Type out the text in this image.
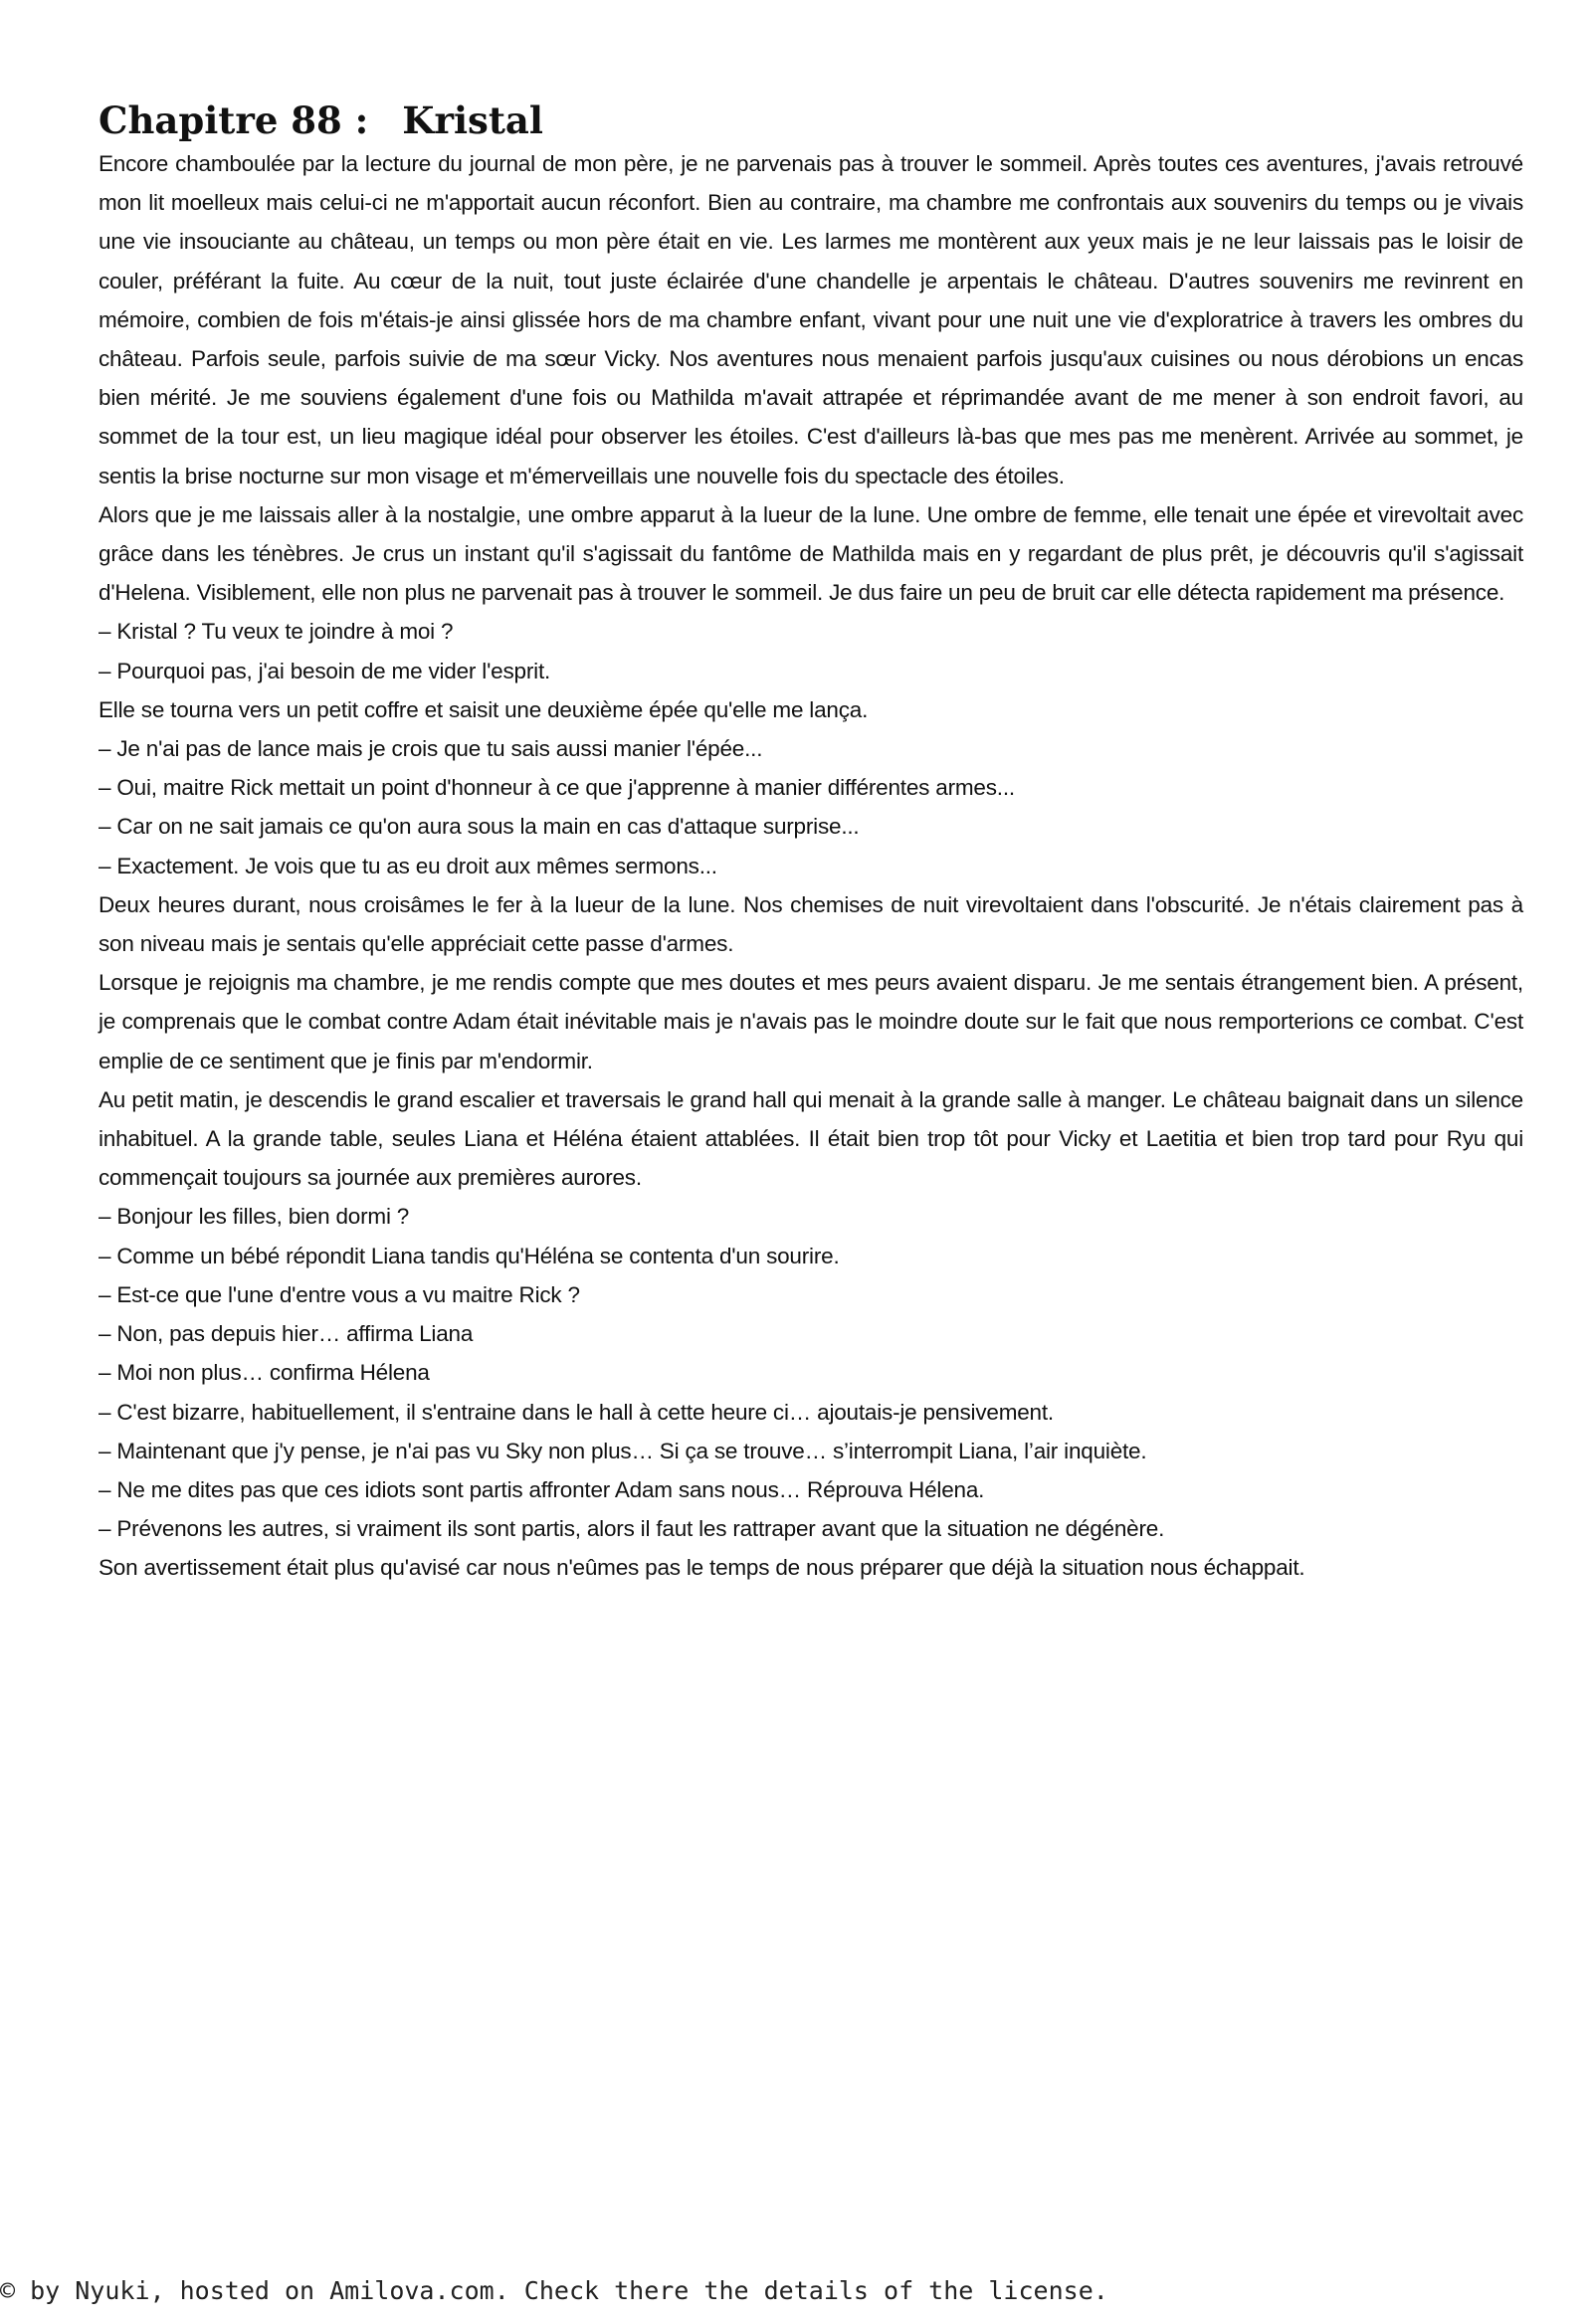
Chapitre 88 : Kristal

Encore chamboulée par la lecture du journal de mon père, je ne parvenais pas à trouver le sommeil. Après toutes ces aventures, j'avais retrouvé mon lit moelleux mais celui-ci ne m'apportait aucun réconfort. Bien au contraire, ma chambre me confrontais aux souvenirs du temps ou je vivais une vie insouciante au château, un temps ou mon père était en vie. Les larmes me montèrent aux yeux mais je ne leur laissais pas le loisir de couler, préférant la fuite. Au cœur de la nuit, tout juste éclairée d'une chandelle je arpentais le château. D'autres souvenirs me revinrent en mémoire, combien de fois m'étais-je ainsi glissée hors de ma chambre enfant, vivant pour une nuit une vie d'exploratrice à travers les ombres du château. Parfois seule, parfois suivie de ma sœur Vicky. Nos aventures nous menaient parfois jusqu'aux cuisines ou nous dérobions un encas bien mérité. Je me souviens également d'une fois ou Mathilda m'avait attrapée et réprimandée avant de me mener à son endroit favori, au sommet de la tour est, un lieu magique idéal pour observer les étoiles. C'est d'ailleurs là-bas que mes pas me menèrent. Arrivée au sommet, je sentis la brise nocturne sur mon visage et m'émerveillais une nouvelle fois du spectacle des étoiles.

Alors que je me laissais aller à la nostalgie, une ombre apparut à la lueur de la lune. Une ombre de femme, elle tenait une épée et virevoltait avec grâce dans les ténèbres. Je crus un instant qu'il s'agissait du fantôme de Mathilda mais en y regardant de plus prêt, je découvris qu'il s'agissait d'Helena. Visiblement, elle non plus ne parvenait pas à trouver le sommeil. Je dus faire un peu de bruit car elle détecta rapidement ma présence.

– Kristal ? Tu veux te joindre à moi ?

– Pourquoi pas, j'ai besoin de me vider l'esprit.

Elle se tourna vers un petit coffre et saisit une deuxième épée qu'elle me lança.

– Je n'ai pas de lance mais je crois que tu sais aussi manier l'épée...

– Oui, maitre Rick mettait un point d'honneur à ce que j'apprenne à manier différentes armes...

– Car on ne sait jamais ce qu'on aura sous la main en cas d'attaque surprise...

– Exactement. Je vois que tu as eu droit aux mêmes sermons...

Deux heures durant, nous croisâmes le fer à la lueur de la lune. Nos chemises de nuit virevoltaient dans l'obscurité. Je n'étais clairement pas à son niveau mais je sentais qu'elle appréciait cette passe d'armes.

Lorsque je rejoignis ma chambre, je me rendis compte que mes doutes et mes peurs avaient disparu. Je me sentais étrangement bien. A présent, je comprenais que le combat contre Adam était inévitable mais je n'avais pas le moindre doute sur le fait que nous remporterions ce combat. C'est emplie de ce sentiment que je finis par m'endormir.

Au petit matin, je descendis le grand escalier et traversais le grand hall qui menait à la grande salle à manger. Le château baignait dans un silence inhabituel. A la grande table, seules Liana et Héléna étaient attablées. Il était bien trop tôt pour Vicky et Laetitia et bien trop tard pour Ryu qui commençait toujours sa journée aux premières aurores.

– Bonjour les filles, bien dormi ?

– Comme un bébé répondit Liana tandis qu'Héléna se contenta d'un sourire.

– Est-ce que l'une d'entre vous a vu maitre Rick ?

– Non, pas depuis hier… affirma Liana

– Moi non plus… confirma Hélena

– C'est bizarre, habituellement, il s'entraine dans le hall à cette heure ci… ajoutais-je pensivement.

– Maintenant que j'y pense, je n'ai pas vu Sky non plus… Si ça se trouve… s’interrompit Liana, l’air inquiète.

– Ne me dites pas que ces idiots sont partis affronter Adam sans nous… Réprouva Hélena.

– Prévenons les autres, si vraiment ils sont partis, alors il faut les rattraper avant que la situation ne dégénère.

Son avertissement était plus qu'avisé car nous n'eûmes pas le temps de nous préparer que déjà la situation nous échappait.

© by Nyuki, hosted on Amilova.com. Check there the details of the license.
